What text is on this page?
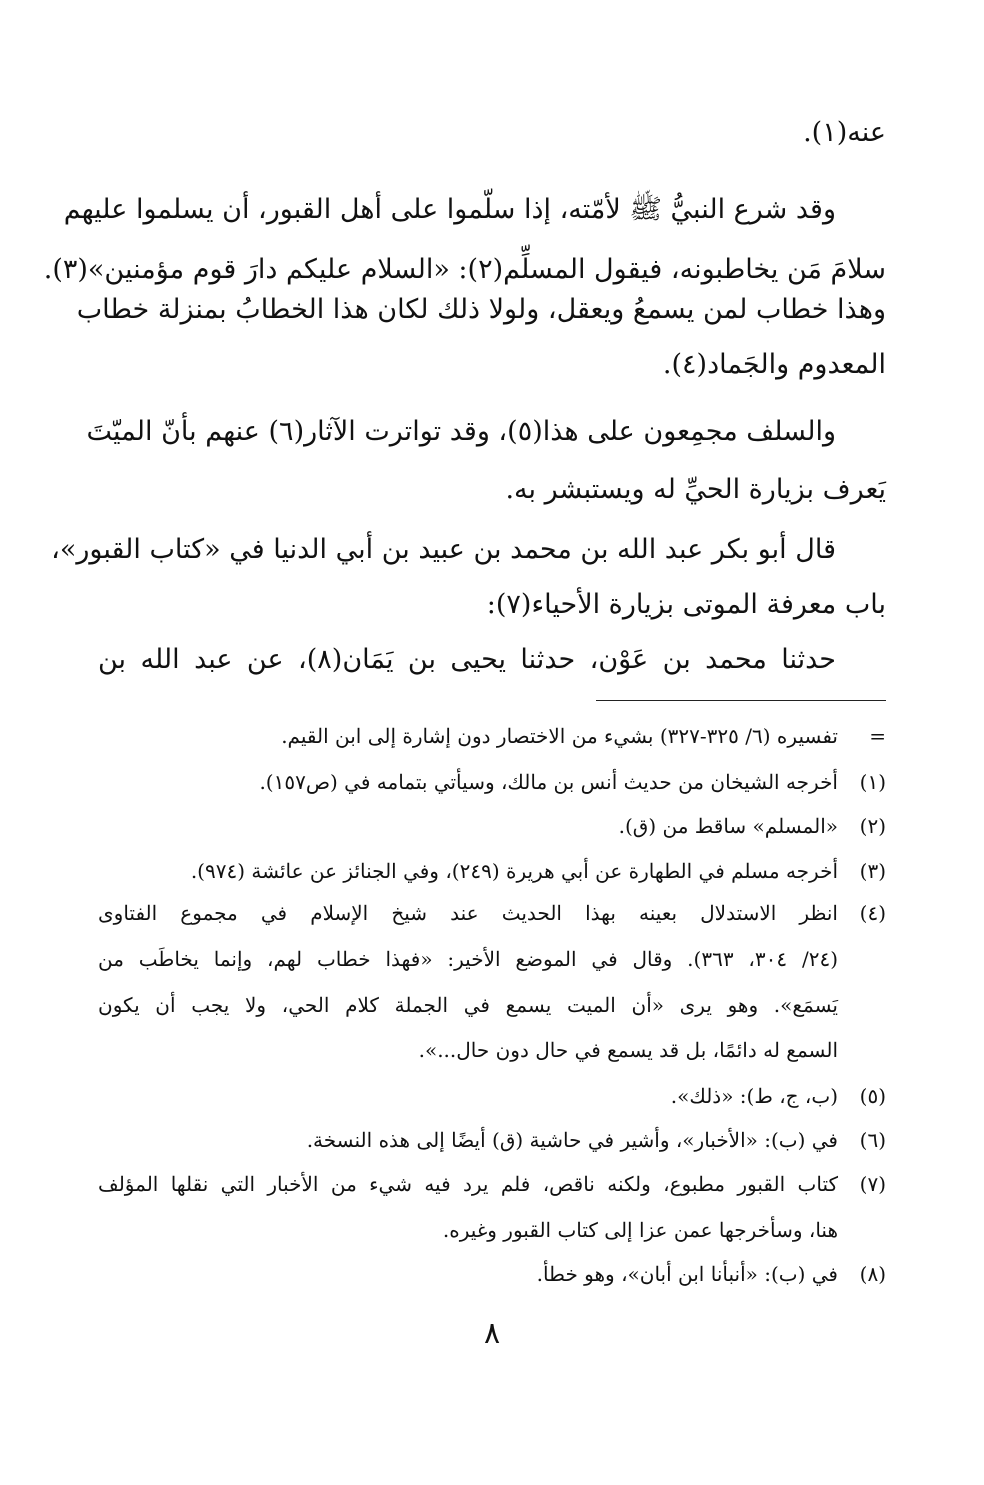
عنه(١).
وقد شرع النبيُّ ﷺ لأمّته، إذا سلّموا على أهل القبور، أن يسلموا عليهم
سلامَ مَن يخاطبونه، فيقول المسلِّم(٢): «السلام عليكم دارَ قوم مؤمنين»(٣).
وهذا خطاب لمن يسمعُ ويعقل، ولولا ذلك لكان هذا الخطابُ بمنزلة خطاب
المعدوم والجَماد(٤).
والسلف مجمِعون على هذا(٥)، وقد تواترت الآثار(٦) عنهم بأنّ الميّتَ
يَعرف بزيارة الحيِّ له ويستبشر به.
قال أبو بكر عبد الله بن محمد بن عبيد بن أبي الدنيا في «كتاب القبور»،
باب معرفة الموتى بزيارة الأحياء(٧):
حدثنا محمد بن عَوْن، حدثنا يحيى بن يَمَان(٨)، عن عبد الله بن
=تفسيره (٦/ ٣٢٥-٣٢٧) بشيء من الاختصار دون إشارة إلى ابن القيم.
(١)أخرجه الشيخان من حديث أنس بن مالك، وسيأتي بتمامه في (ص١٥٧).
(٢)«المسلم» ساقط من (ق).
(٣)أخرجه مسلم في الطهارة عن أبي هريرة (٢٤٩)، وفي الجنائز عن عائشة (٩٧٤).
(٤)انظر الاستدلال بعينه بهذا الحديث عند شيخ الإسلام في مجموع الفتاوى
(٢٤/ ٣٠٤، ٣٦٣). وقال في الموضع الأخير: «فهذا خطاب لهم، وإنما يخاطَب من
يَسمَع». وهو يرى «أن الميت يسمع في الجملة كلام الحي، ولا يجب أن يكون
السمع له دائمًا، بل قد يسمع في حال دون حال...».
(٥)(ب، ج، ط): «ذلك».
(٦)في (ب): «الأخبار»، وأشير في حاشية (ق) أيضًا إلى هذه النسخة.
(٧)كتاب القبور مطبوع، ولكنه ناقص، فلم يرد فيه شيء من الأخبار التي نقلها المؤلف
هنا، وسأخرجها عمن عزا إلى كتاب القبور وغيره.
(٨)في (ب): «أنبأنا ابن أبان»، وهو خطأ.
٨
